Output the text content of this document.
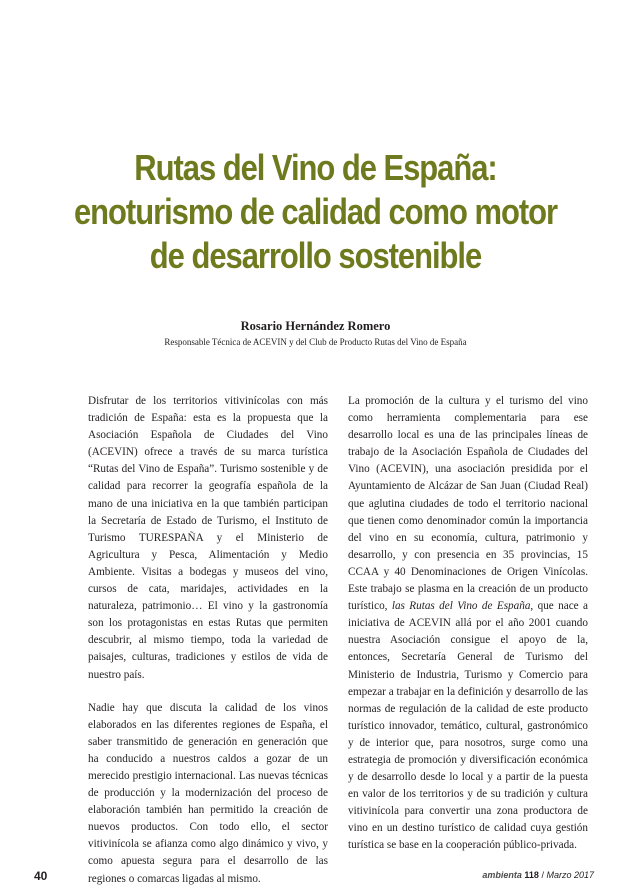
Rutas del Vino de España:
enoturismo de calidad como motor
de desarrollo sostenible
Rosario Hernández Romero
Responsable Técnica de ACEVIN y del Club de Producto Rutas del Vino de España

Disfrutar de los territorios vitivinícolas con más tradición de España: esta es la propuesta que la Asociación Española de Ciudades del Vino (ACEVIN) ofrece a través de su marca turística “Rutas del Vino de España”. Turismo sostenible y de calidad para recorrer la geografía española de la mano de una iniciativa en la que también participan la Secretaría de Estado de Turismo, el Instituto de Turismo TURESPAÑA y el Ministerio de Agricultura y Pesca, Alimentación y Medio Ambiente. Visitas a bodegas y museos del vino, cursos de cata, maridajes, actividades en la naturaleza, patrimonio… El vino y la gastronomía son los protagonistas en estas Rutas que permiten descubrir, al mismo tiempo, toda la variedad de paisajes, culturas, tradiciones y estilos de vida de nuestro país.

Nadie hay que discuta la calidad de los vinos elaborados en las diferentes regiones de España, el saber transmitido de generación en generación que ha conducido a nuestros caldos a gozar de un merecido prestigio internacional. Las nuevas técnicas de producción y la modernización del proceso de elaboración también han permitido la creación de nuevos productos. Con todo ello, el sector vitivinícola se afianza como algo dinámico y vivo, y como apuesta segura para el desarrollo de las regiones o comarcas ligadas al mismo.

La promoción de la cultura y el turismo del vino como herramienta complementaria para ese desarrollo local es una de las principales líneas de trabajo de la Asociación Española de Ciudades del Vino (ACEVIN), una asociación presidida por el Ayuntamiento de Alcázar de San Juan (Ciudad Real) que aglutina ciudades de todo el territorio nacional que tienen como denominador común la importancia del vino en su economía, cultura, patrimonio y desarrollo, y con presencia en 35 provincias, 15 CCAA y 40 Denominaciones de Origen Vinícolas. Este trabajo se plasma en la creación de un producto turístico, las Rutas del Vino de España, que nace a iniciativa de ACEVIN allá por el año 2001 cuando nuestra Asociación consigue el apoyo de la, entonces, Secretaría General de Turismo del Ministerio de Industria, Turismo y Comercio para empezar a trabajar en la definición y desarrollo de las normas de regulación de la calidad de este producto turístico innovador, temático, cultural, gastronómico y de interior que, para nosotros, surge como una estrategia de promoción y diversificación económica y de desarrollo desde lo local y a partir de la puesta en valor de los territorios y de su tradición y cultura vitivinícola para convertir una zona productora de vino en un destino turístico de calidad cuya gestión turística se base en la cooperación público-privada.

40	ambienta 118 / Marzo 2017
